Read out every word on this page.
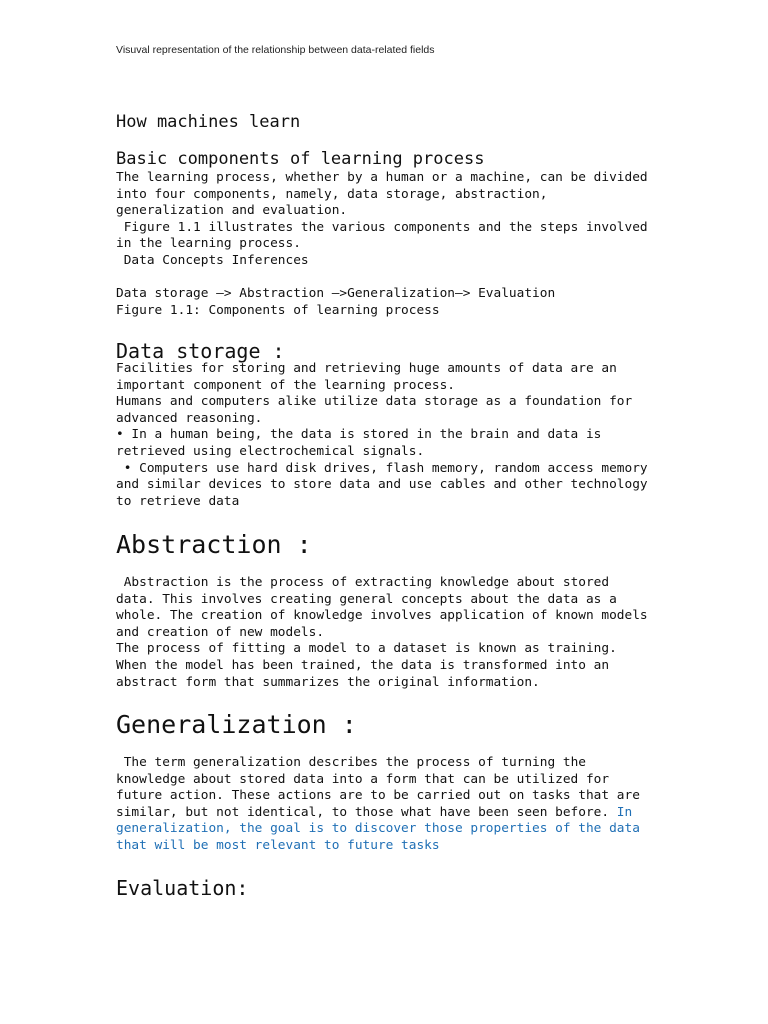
Visuval representation of the relationship between data-related fields
How machines learn
Basic components of learning process
The learning process, whether by a human or a machine, can be divided
into four components, namely, data storage, abstraction,
generalization and evaluation.
Figure 1.1 illustrates the various components and the steps involved
in the learning process.
Data Concepts Inferences

Data storage —> Abstraction —>Generalization—> Evaluation
Figure 1.1: Components of learning process
Data storage :
Facilities for storing and retrieving huge amounts of data are an
important component of the learning process.
Humans and computers alike utilize data storage as a foundation for
advanced reasoning.
• In a human being, the data is stored in the brain and data is
retrieved using electrochemical signals.
• Computers use hard disk drives, flash memory, random access memory
and similar devices to store data and use cables and other technology
to retrieve data
Abstraction :
Abstraction is the process of extracting knowledge about stored
data. This involves creating general concepts about the data as a
whole. The creation of knowledge involves application of known models
and creation of new models.
The process of fitting a model to a dataset is known as training.
When the model has been trained, the data is transformed into an
abstract form that summarizes the original information.
Generalization :
The term generalization describes the process of turning the
knowledge about stored data into a form that can be utilized for
future action. These actions are to be carried out on tasks that are
similar, but not identical, to those what have been seen before. In
generalization, the goal is to discover those properties of the data
that will be most relevant to future tasks
Evaluation:
